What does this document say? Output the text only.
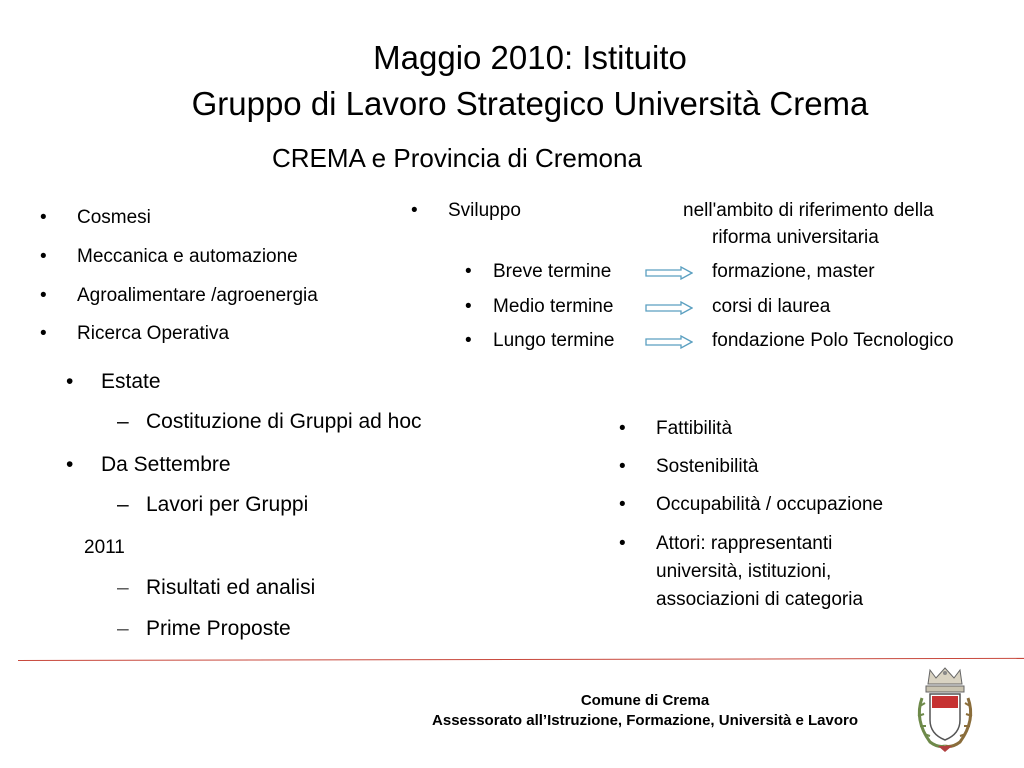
Maggio 2010: Istituito
Gruppo di Lavoro Strategico Università Crema
CREMA e Provincia di Cremona
• Cosmesi
• Meccanica e automazione
• Agroalimentare /agroenergia
• Ricerca Operativa
• Sviluppo	nell'ambito di riferimento della
riforma universitaria
• Breve termine	formazione, master
• Medio termine	corsi di laurea
• Lungo termine	fondazione Polo Tecnologico
• Estate
– Costituzione di Gruppi ad hoc
• Da Settembre
– Lavori per Gruppi
2011
– Risultati ed analisi
– Prime Proposte
• Fattibilità
• Sostenibilità
• Occupabilità / occupazione
• Attori: rappresentanti
università, istituzioni,
associazioni di categoria
Comune di Crema
Assessorato all’Istruzione, Formazione, Università e Lavoro
